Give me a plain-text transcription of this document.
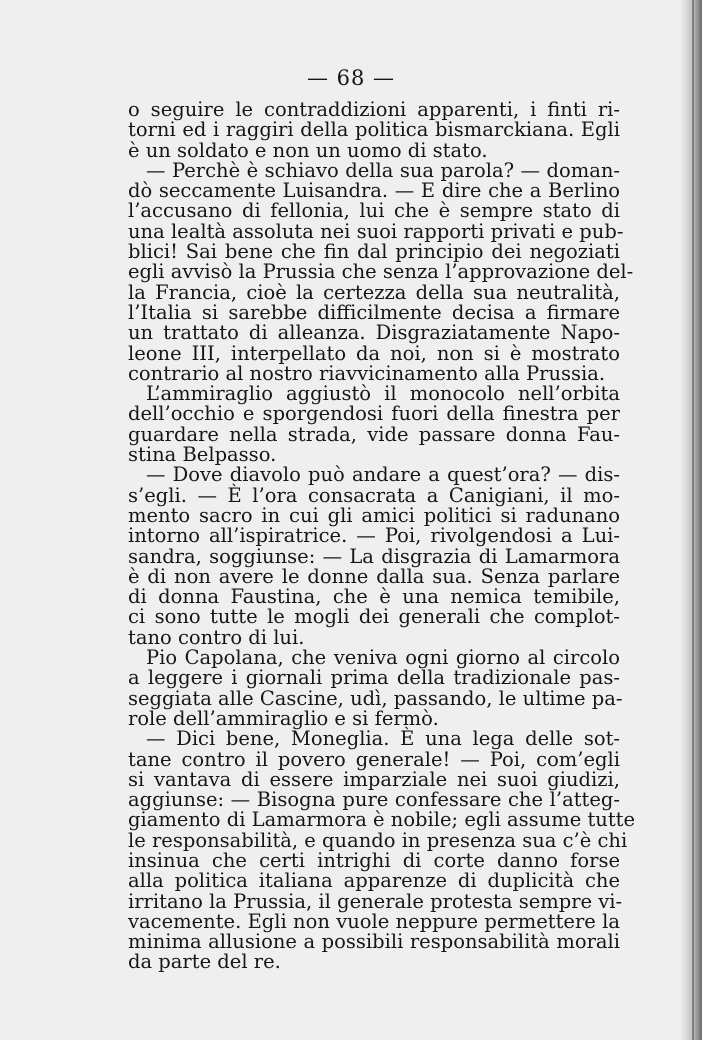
— 68 —
o seguire le contraddizioni apparenti, i finti ri-
torni ed i raggiri della politica bismarckiana. Egli
è un soldato e non un uomo di stato.
— Perchè è schiavo della sua parola? — doman-
dò seccamente Luisandra. — E dire che a Berlino
l’accusano di fellonia, lui che è sempre stato di
una lealtà assoluta nei suoi rapporti privati e pub-
blici! Sai bene che fin dal principio dei negoziati
egli avvisò la Prussia che senza l’approvazione del-
la Francia, cioè la certezza della sua neutralità,
l’Italia si sarebbe difficilmente decisa a firmare
un trattato di alleanza. Disgraziatamente Napo-
leone III, interpellato da noi, non si è mostrato
contrario al nostro riavvicinamento alla Prussia.
L’ammiraglio aggiustò il monocolo nell’orbita
dell’occhio e sporgendosi fuori della finestra per
guardare nella strada, vide passare donna Fau-
stina Belpasso.
— Dove diavolo può andare a quest’ora? — dis-
s’egli. — È l’ora consacrata a Canigiani, il mo-
mento sacro in cui gli amici politici si radunano
intorno all’ispiratrice. — Poi, rivolgendosi a Lui-
sandra, soggiunse: — La disgrazia di Lamarmora
è di non avere le donne dalla sua. Senza parlare
di donna Faustina, che è una nemica temibile,
ci sono tutte le mogli dei generali che complot-
tano contro di lui.
Pio Capolana, che veniva ogni giorno al circolo
a leggere i giornali prima della tradizionale pas-
seggiata alle Cascine, udì, passando, le ultime pa-
role dell’ammiraglio e si fermò.
— Dici bene, Moneglia. È una lega delle sot-
tane contro il povero generale! — Poi, com’egli
si vantava di essere imparziale nei suoi giudizi,
aggiunse: — Bisogna pure confessare che l’atteg-
giamento di Lamarmora è nobile; egli assume tutte
le responsabilità, e quando in presenza sua c’è chi
insinua che certi intrighi di corte danno forse
alla politica italiana apparenze di duplicità che
irritano la Prussia, il generale protesta sempre vi-
vacemente. Egli non vuole neppure permettere la
minima allusione a possibili responsabilità morali
da parte del re.
